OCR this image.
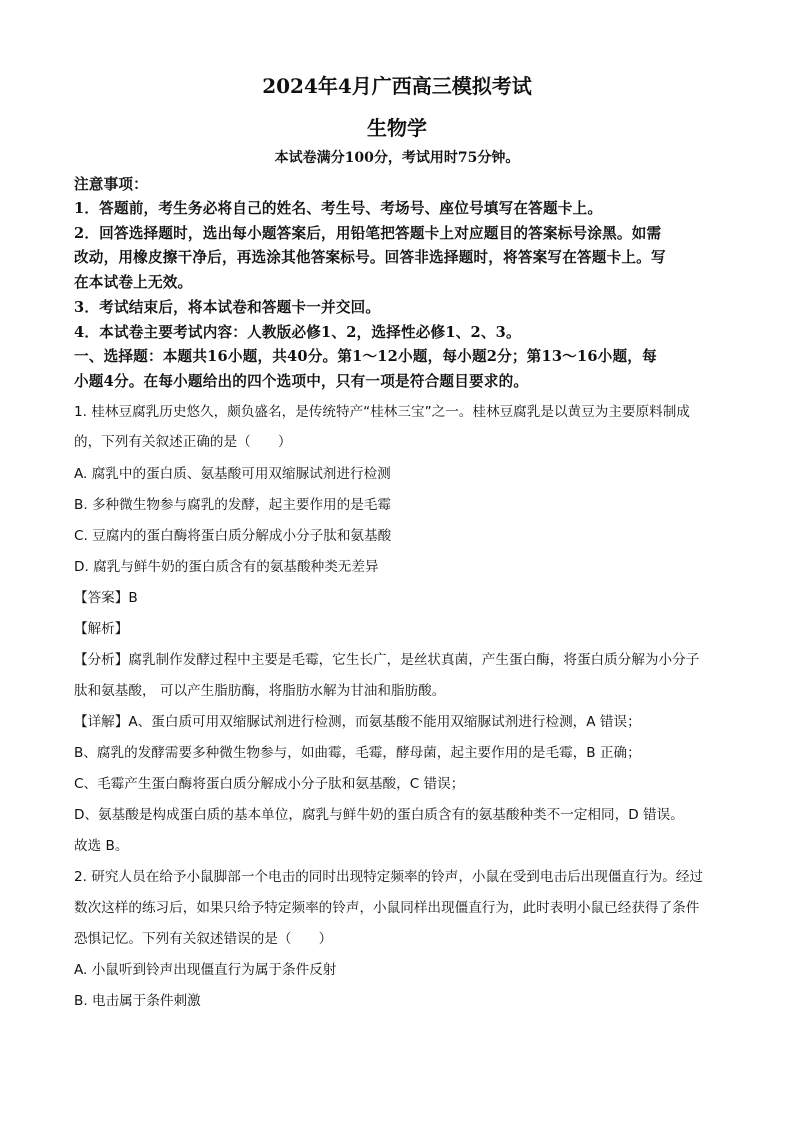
2024年4月广西高三模拟考试
生物学
本试卷满分100分，考试用时75分钟。
注意事项：
1．答题前，考生务必将自己的姓名、考生号、考场号、座位号填写在答题卡上。
2．回答选择题时，选出每小题答案后，用铅笔把答题卡上对应题目的答案标号涂黑。如需
改动，用橡皮擦干净后，再选涂其他答案标号。回答非选择题时，将答案写在答题卡上。写
在本试卷上无效。
3．考试结束后，将本试卷和答题卡一并交回。
4．本试卷主要考试内容：人教版必修1、2，选择性必修1、2、3。
一、选择题：本题共16小题，共40分。第1～12小题，每小题2分；第13～16小题，每
小题4分。在每小题给出的四个选项中，只有一项是符合题目要求的。
1. 桂林豆腐乳历史悠久，颇负盛名，是传统特产“桂林三宝”之一。桂林豆腐乳是以黄豆为主要原料制成
的，下列有关叙述正确的是（　　）
A. 腐乳中的蛋白质、氨基酸可用双缩脲试剂进行检测
B. 多种微生物参与腐乳的发酵，起主要作用的是毛霉
C. 豆腐内的蛋白酶将蛋白质分解成小分子肽和氨基酸
D. 腐乳与鲜牛奶的蛋白质含有的氨基酸种类无差异
【答案】B
【解析】
【分析】腐乳制作发酵过程中主要是毛霉，它生长广，是丝状真菌，产生蛋白酶，将蛋白质分解为小分子
肽和氨基酸， 可以产生脂肪酶，将脂肪水解为甘油和脂肪酸。
【详解】A、蛋白质可用双缩脲试剂进行检测，而氨基酸不能用双缩脲试剂进行检测，A 错误；
B、腐乳的发酵需要多种微生物参与，如曲霉，毛霉，酵母菌，起主要作用的是毛霉，B 正确；
C、毛霉产生蛋白酶将蛋白质分解成小分子肽和氨基酸，C 错误；
D、氨基酸是构成蛋白质的基本单位，腐乳与鲜牛奶的蛋白质含有的氨基酸种类不一定相同，D 错误。
故选 B。
2. 研究人员在给予小鼠脚部一个电击的同时出现特定频率的铃声，小鼠在受到电击后出现僵直行为。经过
数次这样的练习后，如果只给予特定频率的铃声，小鼠同样出现僵直行为，此时表明小鼠已经获得了条件
恐惧记忆。下列有关叙述错误的是（　　）
A. 小鼠听到铃声出现僵直行为属于条件反射
B. 电击属于条件刺激
